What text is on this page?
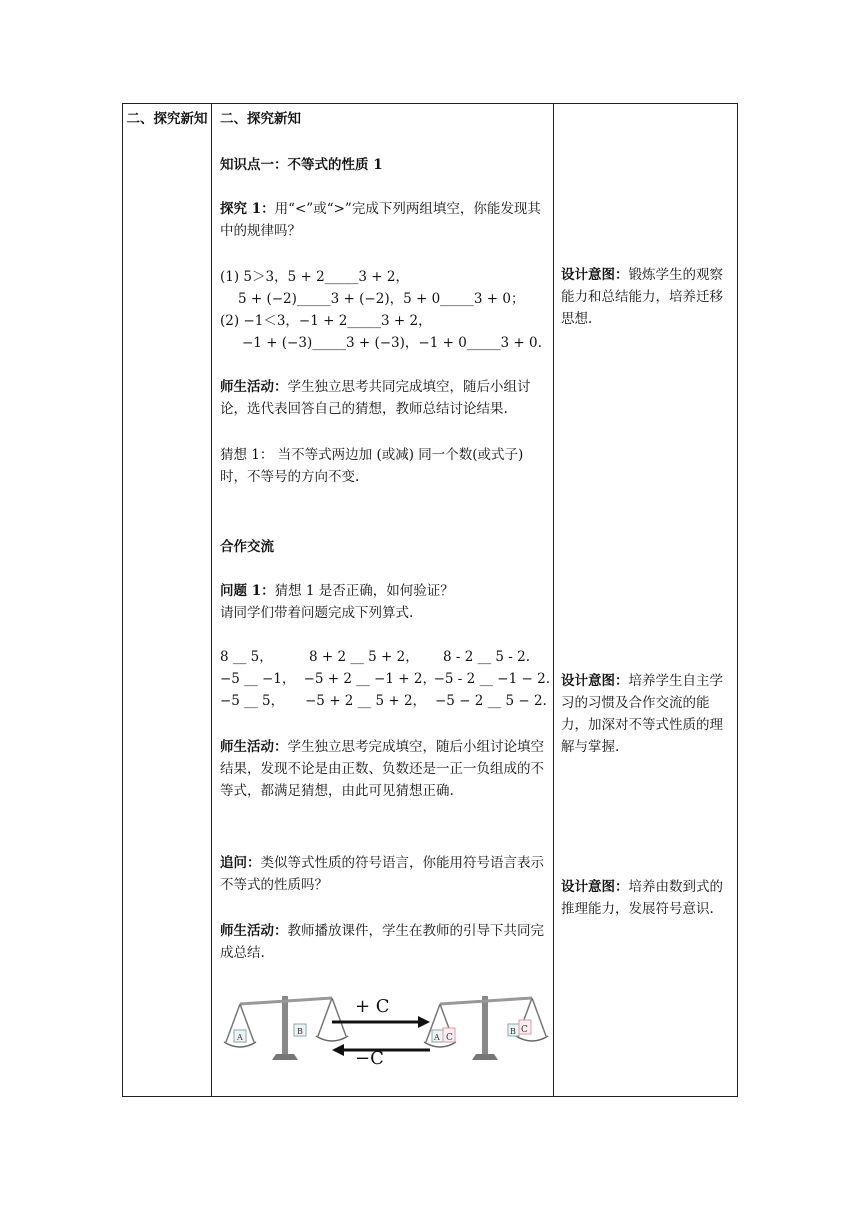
二、探究新知 二、探究新知
知识点一：不等式的性质 1
探究 1：用“<”或“>”完成下列两组填空，你能发现其中的规律吗？
(1) 5＞3，5 + 2_____3 + 2，
5 + (−2)_____3 + (−2)，5 + 0_____3 + 0；
(2) −1＜3，−1 + 2_____3 + 2，
−1 + (−3)_____3 + (−3)，−1 + 0_____3 + 0.
师生活动：学生独立思考共同完成填空，随后小组讨论，选代表回答自己的猜想，教师总结讨论结果.
猜想 1： 当不等式两边加 (或减) 同一个数(或式子) 时，不等号的方向不变.
合作交流
问题 1：猜想 1 是否正确，如何验证？
请同学们带着问题完成下列算式.
8 __ 5，	8 + 2 __ 5 + 2，	8 - 2 __ 5 - 2.
−5 __ −1， −5 + 2 __ −1 + 2，
−5 - 2 __ −1 − 2.
−5 __ 5，	−5 + 2 __ 5 + 2， −5 − 2 __ 5 − 2.
师生活动：学生独立思考完成填空，随后小组讨论填空结果，发现不论是由正数、负数还是一正一负组成的不等式，都满足猜想，由此可见猜想正确.
追问：类似等式性质的符号语言，你能用符号语言表示不等式的性质吗？
师生活动：教师播放课件，学生在教师的引导下共同完成总结.
A
B
+ C
−C
A C
B C
设计意图：锻炼学生的观察能力和总结能力，培养迁移思想.
设计意图：培养学生自主学习的习惯及合作交流的能力，加深对不等式性质的理解与掌握.
设计意图：培养由数到式的推理能力，发展符号意识.
